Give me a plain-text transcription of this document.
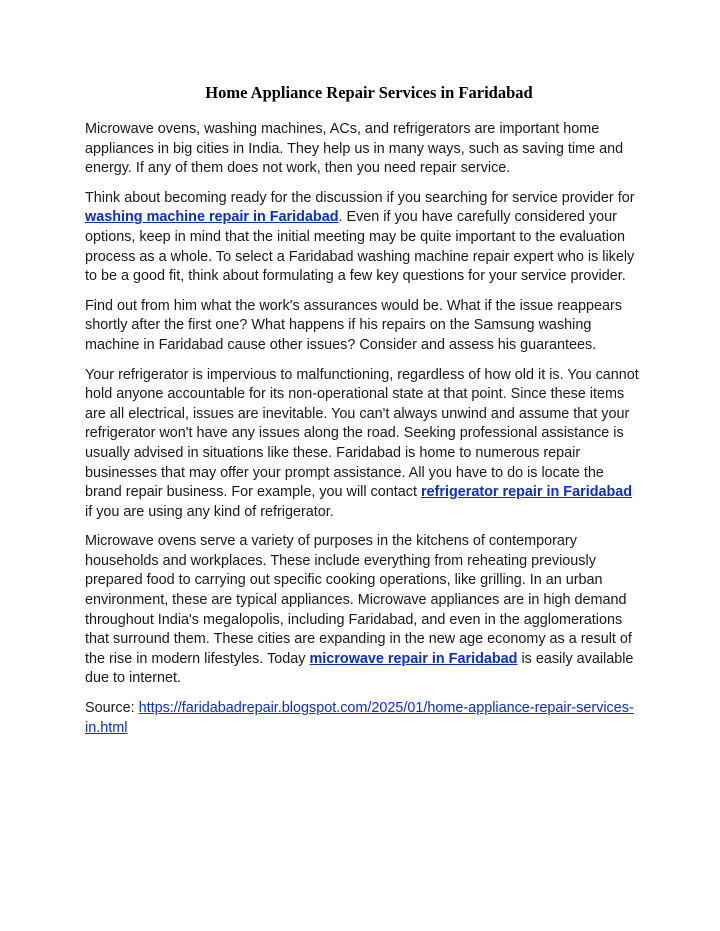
Home Appliance Repair Services in Faridabad

Microwave ovens, washing machines, ACs, and refrigerators are important home appliances in big cities in India. They help us in many ways, such as saving time and energy. If any of them does not work, then you need repair service.

Think about becoming ready for the discussion if you searching for service provider for washing machine repair in Faridabad. Even if you have carefully considered your options, keep in mind that the initial meeting may be quite important to the evaluation process as a whole. To select a Faridabad washing machine repair expert who is likely to be a good fit, think about formulating a few key questions for your service provider.

Find out from him what the work's assurances would be. What if the issue reappears shortly after the first one? What happens if his repairs on the Samsung washing machine in Faridabad cause other issues? Consider and assess his guarantees.

Your refrigerator is impervious to malfunctioning, regardless of how old it is. You cannot hold anyone accountable for its non-operational state at that point. Since these items are all electrical, issues are inevitable. You can't always unwind and assume that your refrigerator won't have any issues along the road. Seeking professional assistance is usually advised in situations like these. Faridabad is home to numerous repair businesses that may offer your prompt assistance. All you have to do is locate the brand repair business. For example, you will contact refrigerator repair in Faridabad if you are using any kind of refrigerator.

Microwave ovens serve a variety of purposes in the kitchens of contemporary households and workplaces. These include everything from reheating previously prepared food to carrying out specific cooking operations, like grilling. In an urban environment, these are typical appliances. Microwave appliances are in high demand throughout India's megalopolis, including Faridabad, and even in the agglomerations that surround them. These cities are expanding in the new age economy as a result of the rise in modern lifestyles. Today microwave repair in Faridabad is easily available due to internet.

Source: https://faridabadrepair.blogspot.com/2025/01/home-appliance-repair-services-in.html
